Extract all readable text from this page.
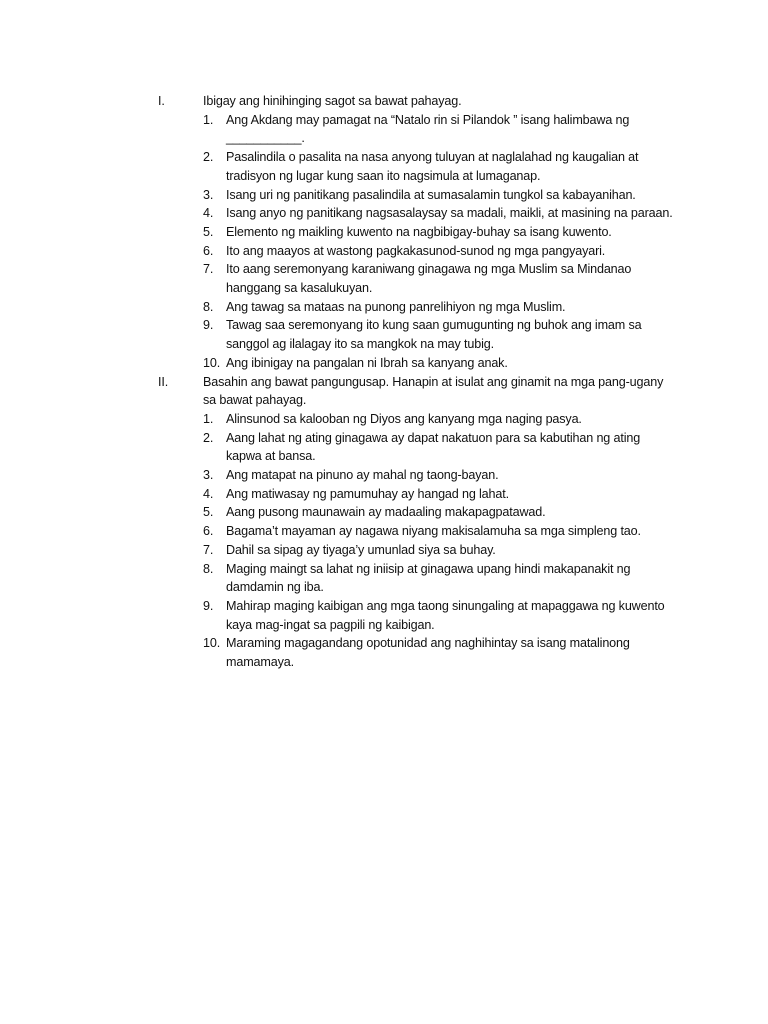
I.	Ibigay ang hinihinging sagot sa bawat pahayag.
1. Ang Akdang may pamagat na “Natalo rin si Pilandok ” isang halimbawa ng ___________.
2. Pasalindila o pasalita na nasa anyong tuluyan at naglalahad ng kaugalian at tradisyon ng lugar kung saan ito nagsimula at lumaganap.
3. Isang uri ng panitikang pasalindila at sumasalamin tungkol sa kabayanihan.
4. Isang anyo ng panitikang nagsasalaysay sa madali, maikli, at masining na paraan.
5. Elemento ng maikling kuwento na nagbibigay-buhay sa isang kuwento.
6. Ito ang maayos at wastong pagkakasunod-sunod ng mga pangyayari.
7. Ito aang seremonyang karaniwang ginagawa ng mga Muslim sa Mindanao hanggang sa kasalukuyan.
8. Ang tawag sa mataas na punong panrelihiyon ng mga Muslim.
9. Tawag saa seremonyang ito kung saan gumugunting ng buhok ang imam sa sanggol ag ilalagay ito sa mangkok na may tubig.
10. Ang ibinigay na pangalan ni Ibrah sa kanyang anak.
II.	Basahin ang bawat pangungusap. Hanapin at isulat ang ginamit na mga pang-ugany sa bawat pahayag.
1. Alinsunod sa kalooban ng Diyos ang kanyang mga naging pasya.
2. Aang lahat ng ating ginagawa ay dapat nakatuon para sa kabutihan ng ating kapwa at bansa.
3. Ang matapat na pinuno ay mahal ng taong-bayan.
4. Ang matiwasay ng pamumuhay ay hangad ng lahat.
5. Aang pusong maunawain ay madaaling makapagpatawad.
6. Bagama’t mayaman ay nagawa niyang makisalamuha sa mga simpleng tao.
7. Dahil sa sipag ay tiyaga’y umunlad siya sa buhay.
8. Maging maingt sa lahat ng iniisip at ginagawa upang hindi makapanakit ng damdamin ng iba.
9. Mahirap maging kaibigan ang mga taong sinungaling at mapaggawa ng kuwento kaya mag-ingat sa pagpili ng kaibigan.
10. Maraming magagandang opotunidad ang naghihintay sa isang matalinong mamamaya.
